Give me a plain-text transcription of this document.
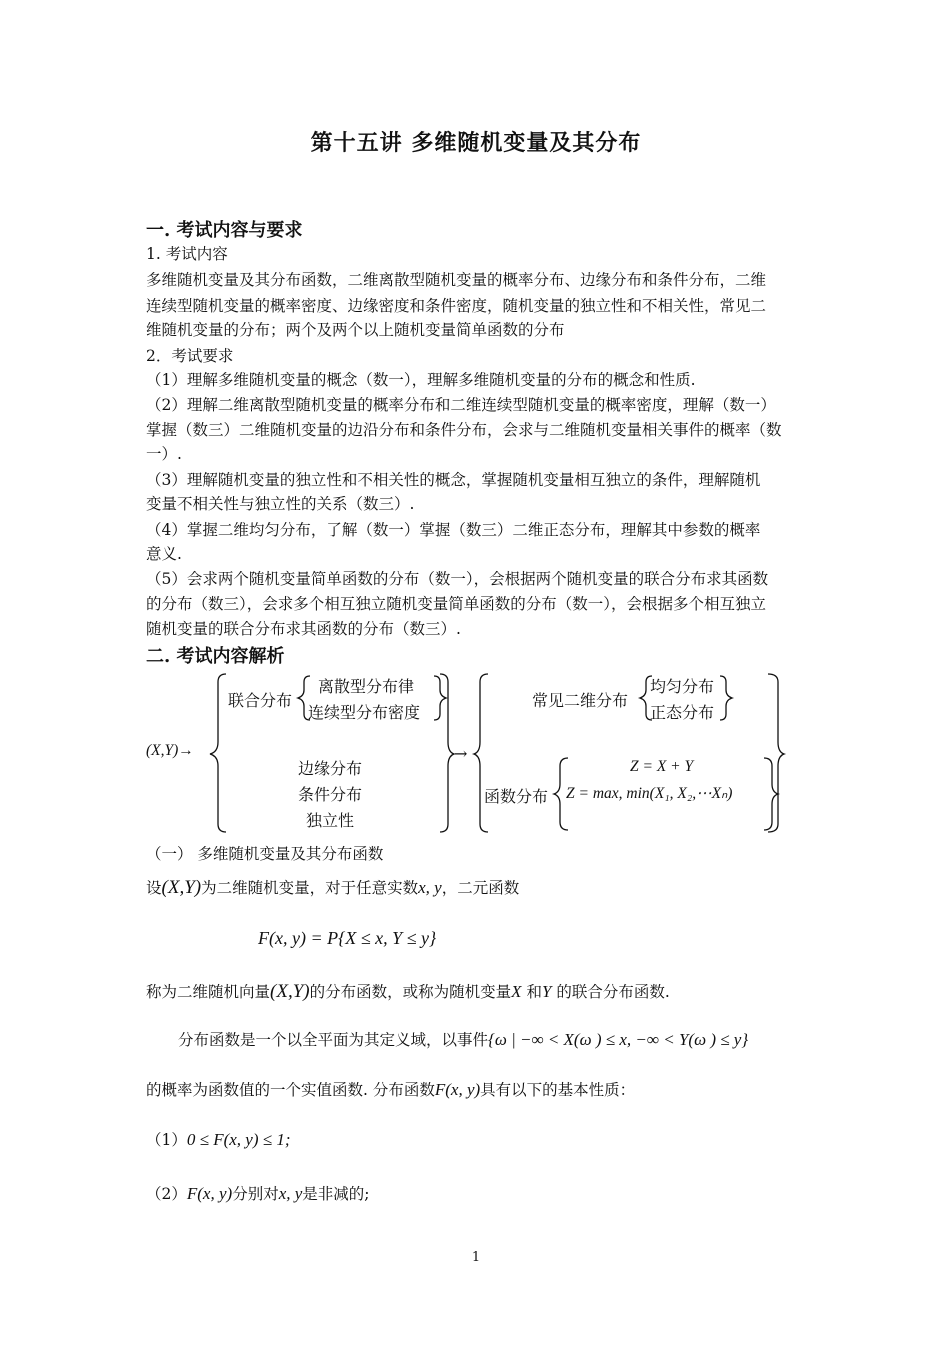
第十五讲 多维随机变量及其分布
一. 考试内容与要求
1. 考试内容
多维随机变量及其分布函数，二维离散型随机变量的概率分布、边缘分布和条件分布，二维
连续型随机变量的概率密度、边缘密度和条件密度，随机变量的独立性和不相关性，常见二
维随机变量的分布；两个及两个以上随机变量简单函数的分布
2．考试要求
（1）理解多维随机变量的概念（数一），理解多维随机变量的分布的概念和性质.
（2）理解二维离散型随机变量的概率分布和二维连续型随机变量的概率密度，理解（数一）
掌握（数三）二维随机变量的边沿分布和条件分布，会求与二维随机变量相关事件的概率（数
一）.
（3）理解随机变量的独立性和不相关性的概念，掌握随机变量相互独立的条件，理解随机
变量不相关性与独立性的关系（数三）.
（4）掌握二维均匀分布，了解（数一）掌握（数三）二维正态分布，理解其中参数的概率
意义.
（5）会求两个随机变量简单函数的分布（数一），会根据两个随机变量的联合分布求其函数
的分布（数三），会求多个相互独立随机变量简单函数的分布（数一），会根据多个相互独立
随机变量的联合分布求其函数的分布（数三）.
二. 考试内容解析
(X,Y)→
联合分布
离散型分布律
连续型分布密度
边缘分布
条件分布
独立性
→
常见二维分布
均匀分布
正态分布
函数分布
Z = X + Y
Z = max, min(X₁, X₂,⋯Xₙ)
（一） 多维随机变量及其分布函数
设(X,Y)为二维随机变量，对于任意实数x, y，二元函数
F(x, y) = P{X ≤ x, Y ≤ y}
称为二维随机向量(X,Y)的分布函数，或称为随机变量X 和Y 的联合分布函数.
分布函数是一个以全平面为其定义域，以事件{ω | −∞ < X(ω ) ≤ x, −∞ < Y(ω ) ≤ y}
的概率为函数值的一个实值函数. 分布函数F(x, y)具有以下的基本性质：
（1）0 ≤ F(x, y) ≤ 1;
（2）F(x, y)分别对x, y是非减的;
1
